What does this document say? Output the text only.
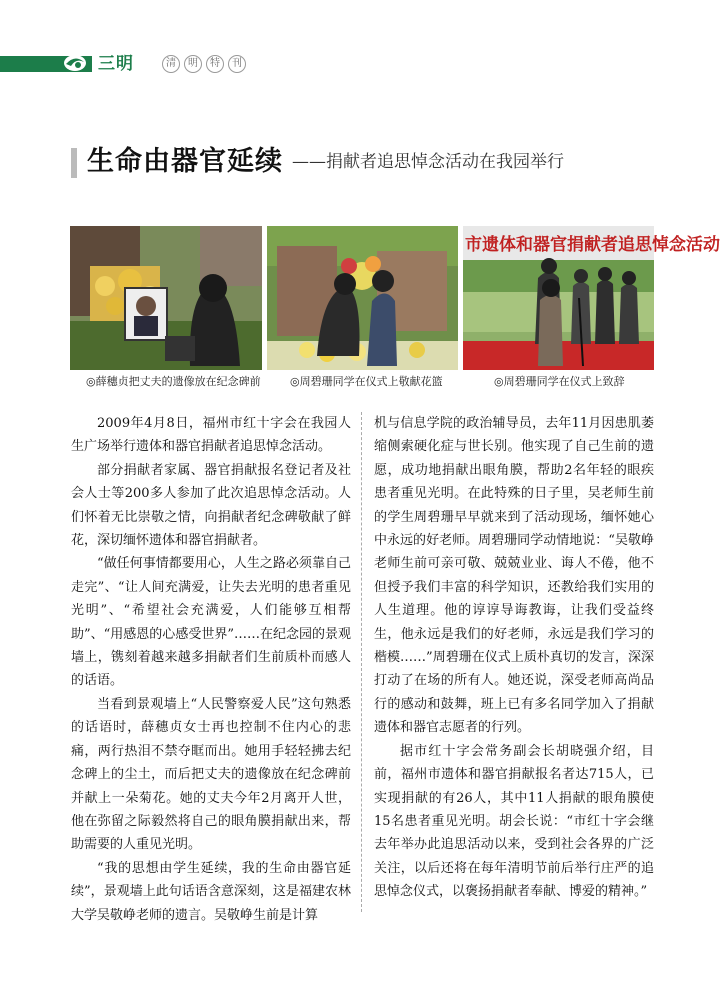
三明	清	明	特	刊
生命由器官延续 ——捐献者追思悼念活动在我园举行
市遗体和器官捐献者追思悼念活动
◎薛穗贞把丈夫的遗像放在纪念碑前	◎周碧珊同学在仪式上敬献花篮	◎周碧珊同学在仪式上致辞

2009年4月8日，福州市红十字会在我园人生广场举行遗体和器官捐献者追思悼念活动。

部分捐献者家属、器官捐献报名登记者及社会人士等200多人参加了此次追思悼念活动。人们怀着无比崇敬之情，向捐献者纪念碑敬献了鲜花，深切缅怀遗体和器官捐献者。

“做任何事情都要用心，人生之路必须靠自己走完”、“让人间充满爱，让失去光明的患者重见光明”、“希望社会充满爱，人们能够互相帮助”、“用感恩的心感受世界”……在纪念园的景观墙上，镌刻着越来越多捐献者们生前质朴而感人的话语。

当看到景观墙上“人民警察爱人民”这句熟悉的话语时，薛穗贞女士再也控制不住内心的悲痛，两行热泪不禁夺眶而出。她用手轻轻拂去纪念碑上的尘土，而后把丈夫的遗像放在纪念碑前并献上一朵菊花。她的丈夫今年2月离开人世，他在弥留之际毅然将自己的眼角膜捐献出来，帮助需要的人重见光明。

“我的思想由学生延续，我的生命由器官延续”，景观墙上此句话语含意深刻，这是福建农林大学吴敬峥老师的遗言。吴敬峥生前是计算

机与信息学院的政治辅导员，去年11月因患肌萎缩侧索硬化症与世长别。他实现了自己生前的遗愿，成功地捐献出眼角膜，帮助2名年轻的眼疾患者重见光明。在此特殊的日子里，吴老师生前的学生周碧珊早早就来到了活动现场，缅怀她心中永远的好老师。周碧珊同学动情地说：“吴敬峥老师生前可亲可敬、兢兢业业、诲人不倦，他不但授予我们丰富的科学知识，还教给我们实用的人生道理。他的谆谆导诲教诲，让我们受益终生，他永远是我们的好老师，永远是我们学习的楷模……”周碧珊在仪式上质朴真切的发言，深深打动了在场的所有人。她还说，深受老师高尚品行的感动和鼓舞，班上已有多名同学加入了捐献遗体和器官志愿者的行列。

据市红十字会常务副会长胡晓强介绍，目前，福州市遗体和器官捐献报名者达715人，已实现捐献的有26人，其中11人捐献的眼角膜使15名患者重见光明。胡会长说：“市红十字会继去年举办此追思活动以来，受到社会各界的广泛关注，以后还将在每年清明节前后举行庄严的追思悼念仪式，以褒扬捐献者奉献、博爱的精神。”
